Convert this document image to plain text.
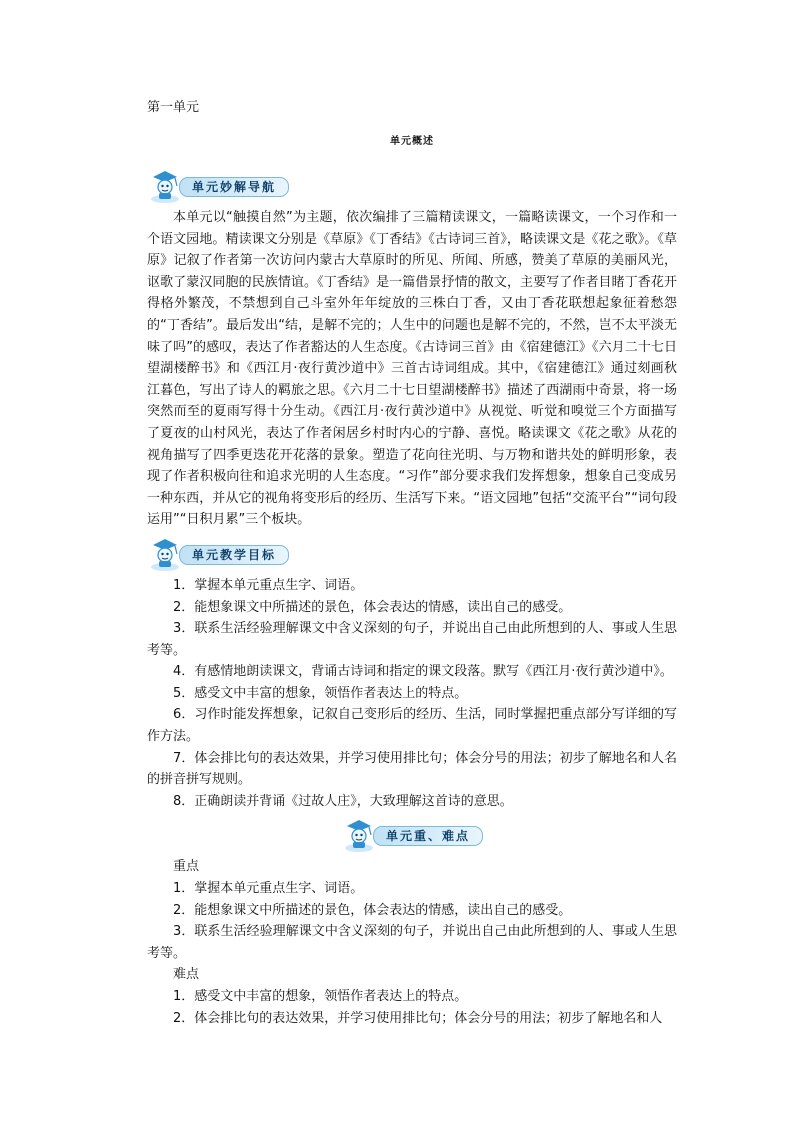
第一单元
单元概述
单元妙解导航

本单元以“触摸自然”为主题，依次编排了三篇精读课文，一篇略读课文，一个习作和一个语文园地。精读课文分别是《草原》《丁香结》《古诗词三首》，略读课文是《花之歌》。《草原》记叙了作者第一次访问内蒙古大草原时的所见、所闻、所感，赞美了草原的美丽风光，讴歌了蒙汉同胞的民族情谊。《丁香结》是一篇借景抒情的散文，主要写了作者目睹丁香花开得格外繁茂，不禁想到自己斗室外年年绽放的三株白丁香，又由丁香花联想起象征着愁怨的“丁香结”。最后发出“结，是解不完的；人生中的问题也是解不完的，不然，岂不太平淡无味了吗”的感叹，表达了作者豁达的人生态度。《古诗词三首》由《宿建德江》《六月二十七日望湖楼醉书》和《西江月·夜行黄沙道中》三首古诗词组成。其中，《宿建德江》通过刻画秋江暮色，写出了诗人的羁旅之思。《六月二十七日望湖楼醉书》描述了西湖雨中奇景，将一场突然而至的夏雨写得十分生动。《西江月·夜行黄沙道中》从视觉、听觉和嗅觉三个方面描写了夏夜的山村风光，表达了作者闲居乡村时内心的宁静、喜悦。略读课文《花之歌》从花的视角描写了四季更迭花开花落的景象。塑造了花向往光明、与万物和谐共处的鲜明形象，表现了作者积极向往和追求光明的人生态度。“习作”部分要求我们发挥想象，想象自己变成另一种东西，并从它的视角将变形后的经历、生活写下来。“语文园地”包括“交流平台”“词句段运用”“日积月累”三个板块。

单元教学目标

1．掌握本单元重点生字、词语。

2．能想象课文中所描述的景色，体会表达的情感，读出自己的感受。

3．联系生活经验理解课文中含义深刻的句子，并说出自己由此所想到的人、事或人生思考等。

4．有感情地朗读课文，背诵古诗词和指定的课文段落。默写《西江月·夜行黄沙道中》。

5．感受文中丰富的想象，领悟作者表达上的特点。

6．习作时能发挥想象，记叙自己变形后的经历、生活，同时掌握把重点部分写详细的写作方法。

7．体会排比句的表达效果，并学习使用排比句；体会分号的用法；初步了解地名和人名的拼音拼写规则。

8．正确朗读并背诵《过故人庄》，大致理解这首诗的意思。

单元重、难点

重点

1．掌握本单元重点生字、词语。

2．能想象课文中所描述的景色，体会表达的情感，读出自己的感受。

3．联系生活经验理解课文中含义深刻的句子，并说出自己由此所想到的人、事或人生思考等。

难点

1．感受文中丰富的想象，领悟作者表达上的特点。

2．体会排比句的表达效果，并学习使用排比句；体会分号的用法；初步了解地名和人
